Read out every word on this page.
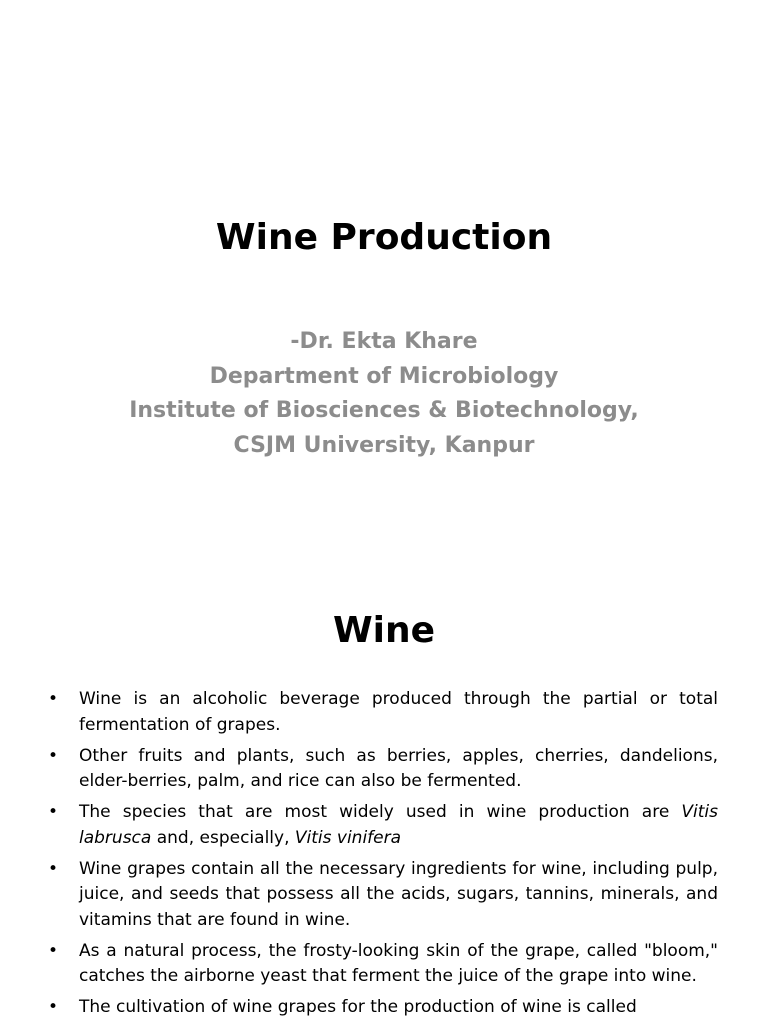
Wine Production
-Dr. Ekta Khare
Department of Microbiology
Institute of Biosciences & Biotechnology,
CSJM University, Kanpur
Wine
• Wine is an alcoholic beverage produced through the partial or total fermentation of grapes.
• Other fruits and plants, such as berries, apples, cherries, dandelions, elder-berries, palm, and rice can also be fermented.
• The species that are most widely used in wine production are Vitis labrusca and, especially, Vitis vinifera
• Wine grapes contain all the necessary ingredients for wine, including pulp, juice, and seeds that possess all the acids, sugars, tannins, minerals, and vitamins that are found in wine.
• As a natural process, the frosty-looking skin of the grape, called "bloom," catches the airborne yeast that ferment the juice of the grape into wine.
• The cultivation of wine grapes for the production of wine is called
